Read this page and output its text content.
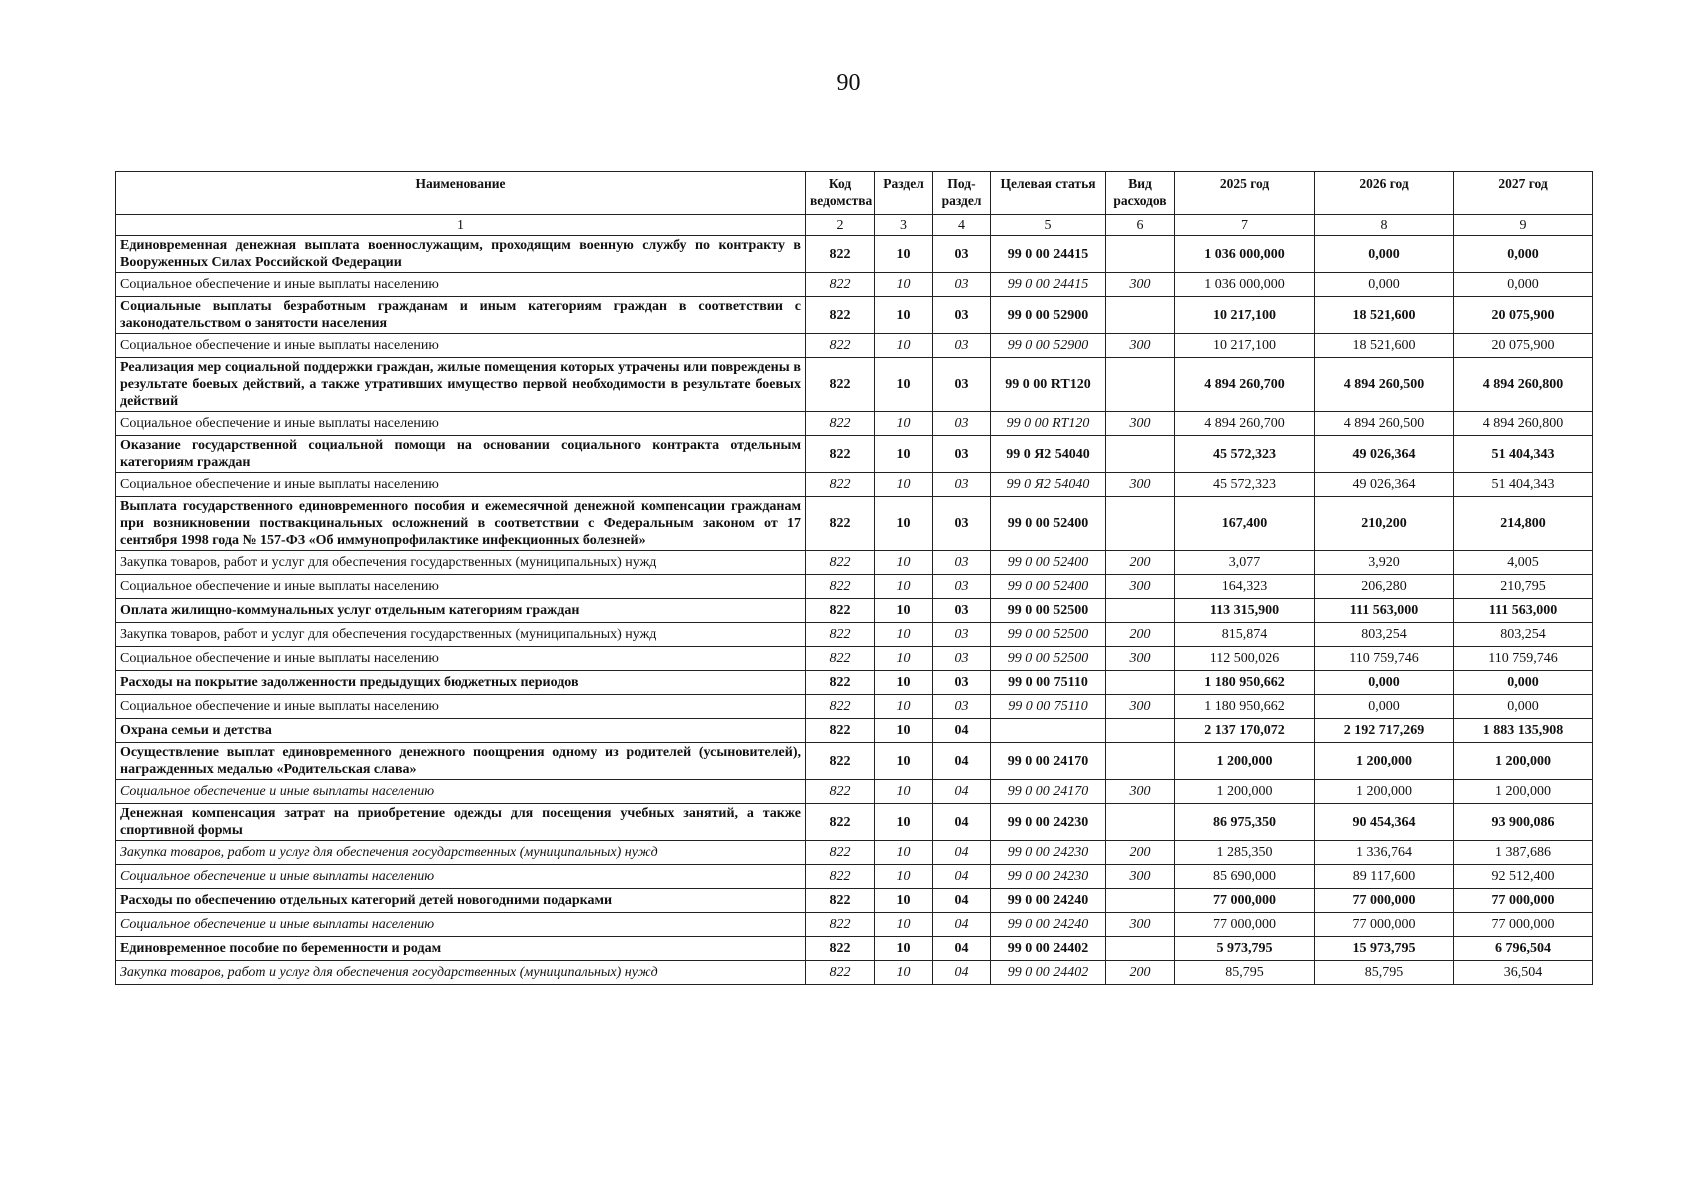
90
Наименование	Код ведомства	Раздел	Под-раздел	Целевая статья	Вид расходов	2025 год	2026 год	2027 год
1	2	3	4	5	6	7	8	9
Единовременная денежная выплата военнослужащим, проходящим военную службу по контракту в Вооруженных Силах Российской Федерации	822	10	03	99 0 00 24415		1 036 000,000	0,000	0,000
Социальное обеспечение и иные выплаты населению	822	10	03	99 0 00 24415	300	1 036 000,000	0,000	0,000
Социальные выплаты безработным гражданам и иным категориям граждан в соответствии с законодательством о занятости населения	822	10	03	99 0 00 52900		10 217,100	18 521,600	20 075,900
Социальное обеспечение и иные выплаты населению	822	10	03	99 0 00 52900	300	10 217,100	18 521,600	20 075,900
Реализация мер социальной поддержки граждан, жилые помещения которых утрачены или повреждены в результате боевых действий, а также утративших имущество первой необходимости в результате боевых действий	822	10	03	99 0 00 RT120		4 894 260,700	4 894 260,500	4 894 260,800
Социальное обеспечение и иные выплаты населению	822	10	03	99 0 00 RT120	300	4 894 260,700	4 894 260,500	4 894 260,800
Оказание государственной социальной помощи на основании социального контракта отдельным категориям граждан	822	10	03	99 0 Я2 54040		45 572,323	49 026,364	51 404,343
Социальное обеспечение и иные выплаты населению	822	10	03	99 0 Я2 54040	300	45 572,323	49 026,364	51 404,343
Выплата государственного единовременного пособия и ежемесячной денежной компенсации гражданам при возникновении поствакцинальных осложнений в соответствии с Федеральным законом от 17 сентября 1998 года № 157-ФЗ «Об иммунопрофилактике инфекционных болезней»	822	10	03	99 0 00 52400		167,400	210,200	214,800
Закупка товаров, работ и услуг для обеспечения государственных (муниципальных) нужд	822	10	03	99 0 00 52400	200	3,077	3,920	4,005
Социальное обеспечение и иные выплаты населению	822	10	03	99 0 00 52400	300	164,323	206,280	210,795
Оплата жилищно-коммунальных услуг отдельным категориям граждан	822	10	03	99 0 00 52500		113 315,900	111 563,000	111 563,000
Закупка товаров, работ и услуг для обеспечения государственных (муниципальных) нужд	822	10	03	99 0 00 52500	200	815,874	803,254	803,254
Социальное обеспечение и иные выплаты населению	822	10	03	99 0 00 52500	300	112 500,026	110 759,746	110 759,746
Расходы на покрытие задолженности предыдущих бюджетных периодов	822	10	03	99 0 00 75110		1 180 950,662	0,000	0,000
Социальное обеспечение и иные выплаты населению	822	10	03	99 0 00 75110	300	1 180 950,662	0,000	0,000
Охрана семьи и детства	822	10	04			2 137 170,072	2 192 717,269	1 883 135,908
Осуществление выплат единовременного денежного поощрения одному из родителей (усыновителей), награжденных медалью «Родительская слава»	822	10	04	99 0 00 24170		1 200,000	1 200,000	1 200,000
Социальное обеспечение и иные выплаты населению	822	10	04	99 0 00 24170	300	1 200,000	1 200,000	1 200,000
Денежная компенсация затрат на приобретение одежды для посещения учебных занятий, а также спортивной формы	822	10	04	99 0 00 24230		86 975,350	90 454,364	93 900,086
Закупка товаров, работ и услуг для обеспечения государственных (муниципальных) нужд	822	10	04	99 0 00 24230	200	1 285,350	1 336,764	1 387,686
Социальное обеспечение и иные выплаты населению	822	10	04	99 0 00 24230	300	85 690,000	89 117,600	92 512,400
Расходы по обеспечению отдельных категорий детей новогодними подарками	822	10	04	99 0 00 24240		77 000,000	77 000,000	77 000,000
Социальное обеспечение и иные выплаты населению	822	10	04	99 0 00 24240	300	77 000,000	77 000,000	77 000,000
Единовременное пособие по беременности и родам	822	10	04	99 0 00 24402		5 973,795	15 973,795	6 796,504
Закупка товаров, работ и услуг для обеспечения государственных (муниципальных) нужд	822	10	04	99 0 00 24402	200	85,795	85,795	36,504
